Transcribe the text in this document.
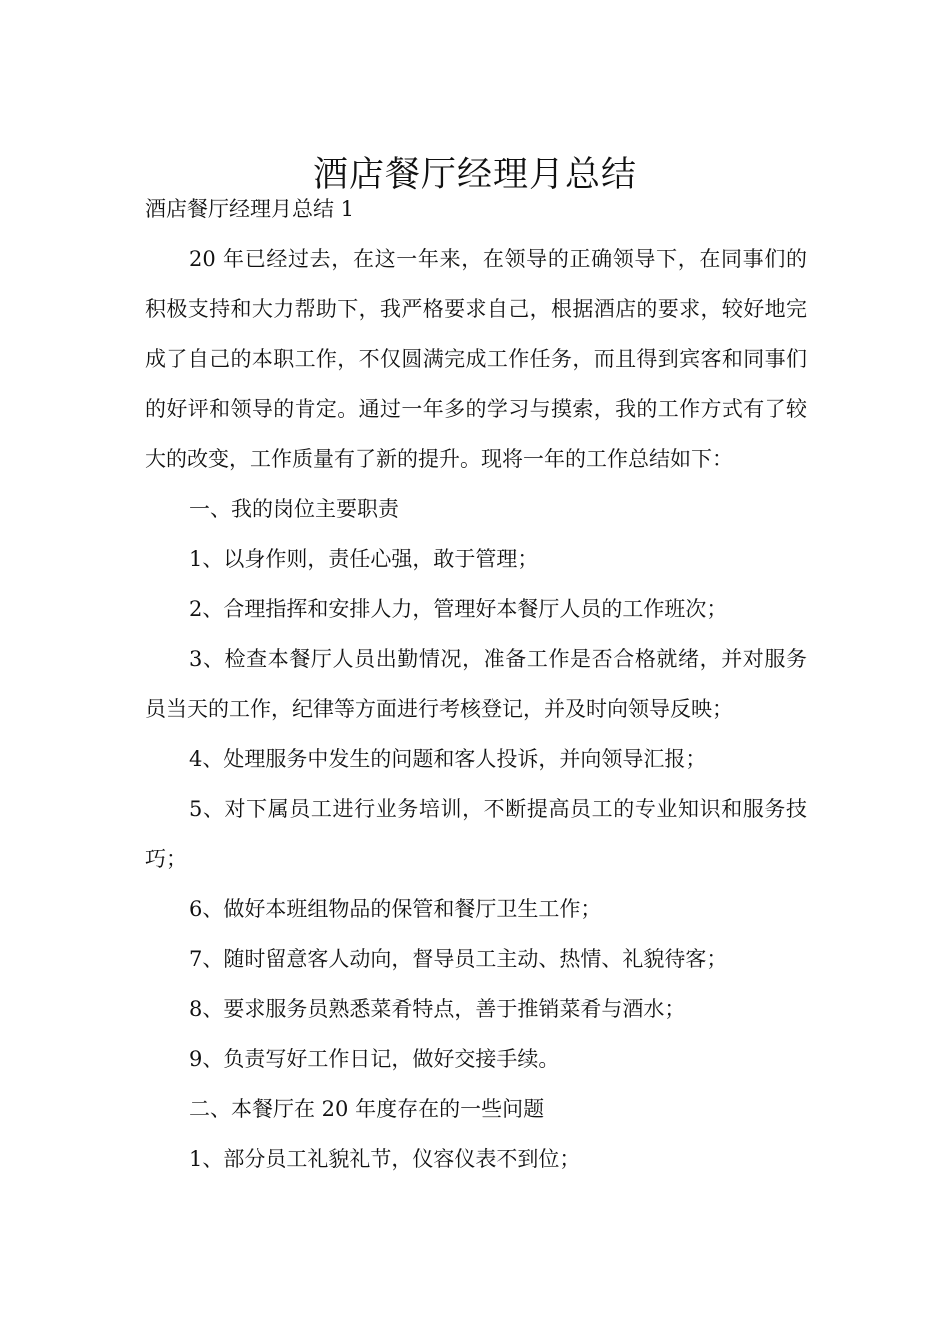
酒店餐厅经理月总结

酒店餐厅经理月总结 1

20 年已经过去，在这一年来，在领导的正确领导下，在同事们的积极支持和大力帮助下，我严格要求自己，根据酒店的要求，较好地完成了自己的本职工作，不仅圆满完成工作任务，而且得到宾客和同事们的好评和领导的肯定。通过一年多的学习与摸索，我的工作方式有了较大的改变，工作质量有了新的提升。现将一年的工作总结如下：

一、我的岗位主要职责

1、以身作则，责任心强，敢于管理；

2、合理指挥和安排人力，管理好本餐厅人员的工作班次；

3、检查本餐厅人员出勤情况，准备工作是否合格就绪，并对服务员当天的工作，纪律等方面进行考核登记，并及时向领导反映；

4、处理服务中发生的问题和客人投诉，并向领导汇报；

5、对下属员工进行业务培训，不断提高员工的专业知识和服务技巧；

6、做好本班组物品的保管和餐厅卫生工作；

7、随时留意客人动向，督导员工主动、热情、礼貌待客；

8、要求服务员熟悉菜肴特点，善于推销菜肴与酒水；

9、负责写好工作日记，做好交接手续。

二、本餐厅在 20 年度存在的一些问题

1、部分员工礼貌礼节，仪容仪表不到位；
